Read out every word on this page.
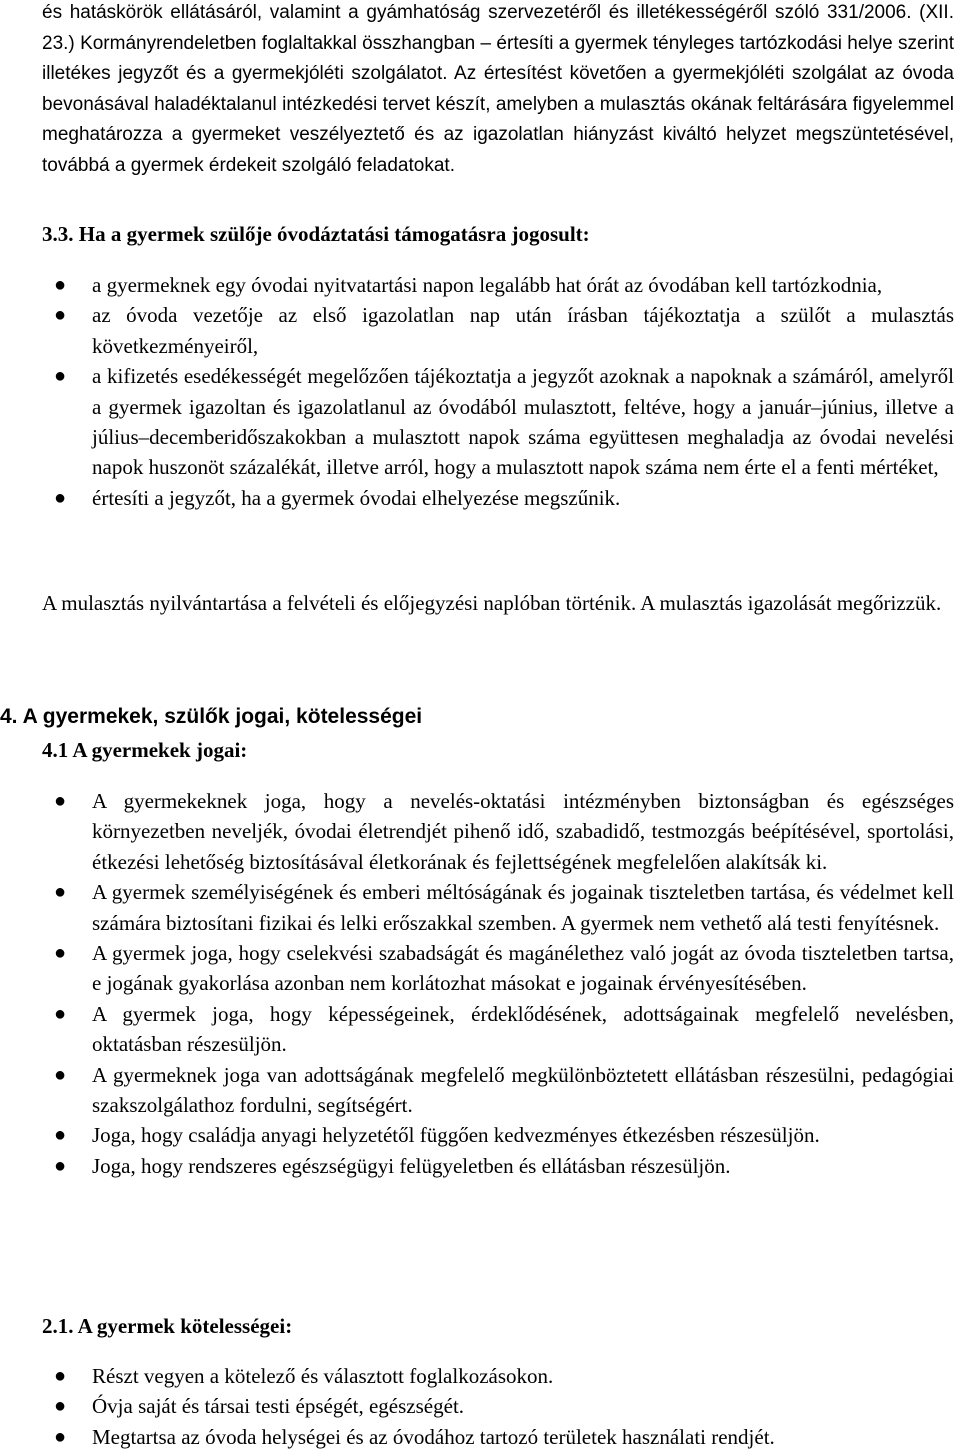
és hatáskörök ellátásáról, valamint a gyámhatóság szervezetéről és illetékességéről szóló 331/2006. (XII. 23.) Kormányrendeletben foglaltakkal összhangban – értesíti a gyermek tényleges tartózkodási helye szerint illetékes jegyzőt és a gyermekjóléti szolgálatot. Az értesítést követően a gyermekjóléti szolgálat az óvoda bevonásával haladéktalanul intézkedési tervet készít, amelyben a mulasztás okának feltárására figyelemmel meghatározza a gyermeket veszélyeztető és az igazolatlan hiányzást kiváltó helyzet megszüntetésével, továbbá a gyermek érdekeit szolgáló feladatokat.

3.3. Ha a gyermek szülője óvodáztatási támogatásra jogosult:

● a gyermeknek egy óvodai nyitvatartási napon legalább hat órát az óvodában kell tartózkodnia,
● az óvoda vezetője az első igazolatlan nap után írásban tájékoztatja a szülőt a mulasztás következményeiről,
● a kifizetés esedékességét megelőzően tájékoztatja a jegyzőt azoknak a napoknak a számáról, amelyről a gyermek igazoltan és igazolatlanul az óvodából mulasztott, feltéve, hogy a január–június, illetve a július–decemberidőszakokban a mulasztott napok száma együttesen meghaladja az óvodai nevelési napok huszonöt százalékát, illetve arról, hogy a mulasztott napok száma nem érte el a fenti mértéket,
● értesíti a jegyzőt, ha a gyermek óvodai elhelyezése megszűnik.

A mulasztás nyilvántartása a felvételi és előjegyzési naplóban történik. A mulasztás igazolását megőrizzük.

4. A gyermekek, szülők jogai, kötelességei

4.1 A gyermekek jogai:

● A gyermekeknek joga, hogy a nevelés-oktatási intézményben biztonságban és egészséges környezetben neveljék, óvodai életrendjét pihenő idő, szabadidő, testmozgás beépítésével, sportolási, étkezési lehetőség biztosításával életkorának és fejlettségének megfelelően alakítsák ki.
● A gyermek személyiségének és emberi méltóságának és jogainak tiszteletben tartása, és védelmet kell számára biztosítani fizikai és lelki erőszakkal szemben. A gyermek nem vethető alá testi fenyítésnek.
● A gyermek joga, hogy cselekvési szabadságát és magánélethez való jogát az óvoda tiszteletben tartsa, e jogának gyakorlása azonban nem korlátozhat másokat e jogainak érvényesítésében.
● A gyermek joga, hogy képességeinek, érdeklődésének, adottságainak megfelelő nevelésben, oktatásban részesüljön.
● A gyermeknek joga van adottságának megfelelő megkülönböztetett ellátásban részesülni, pedagógiai szakszolgálathoz fordulni, segítségért.
● Joga, hogy családja anyagi helyzetétől függően kedvezményes étkezésben részesüljön.
● Joga, hogy rendszeres egészségügyi felügyeletben és ellátásban részesüljön.

2.1. A gyermek kötelességei:

● Részt vegyen a kötelező és választott foglalkozásokon.
● Óvja saját és társai testi épségét, egészségét.
● Megtartsa az óvoda helységei és az óvodához tartozó területek használati rendjét.
